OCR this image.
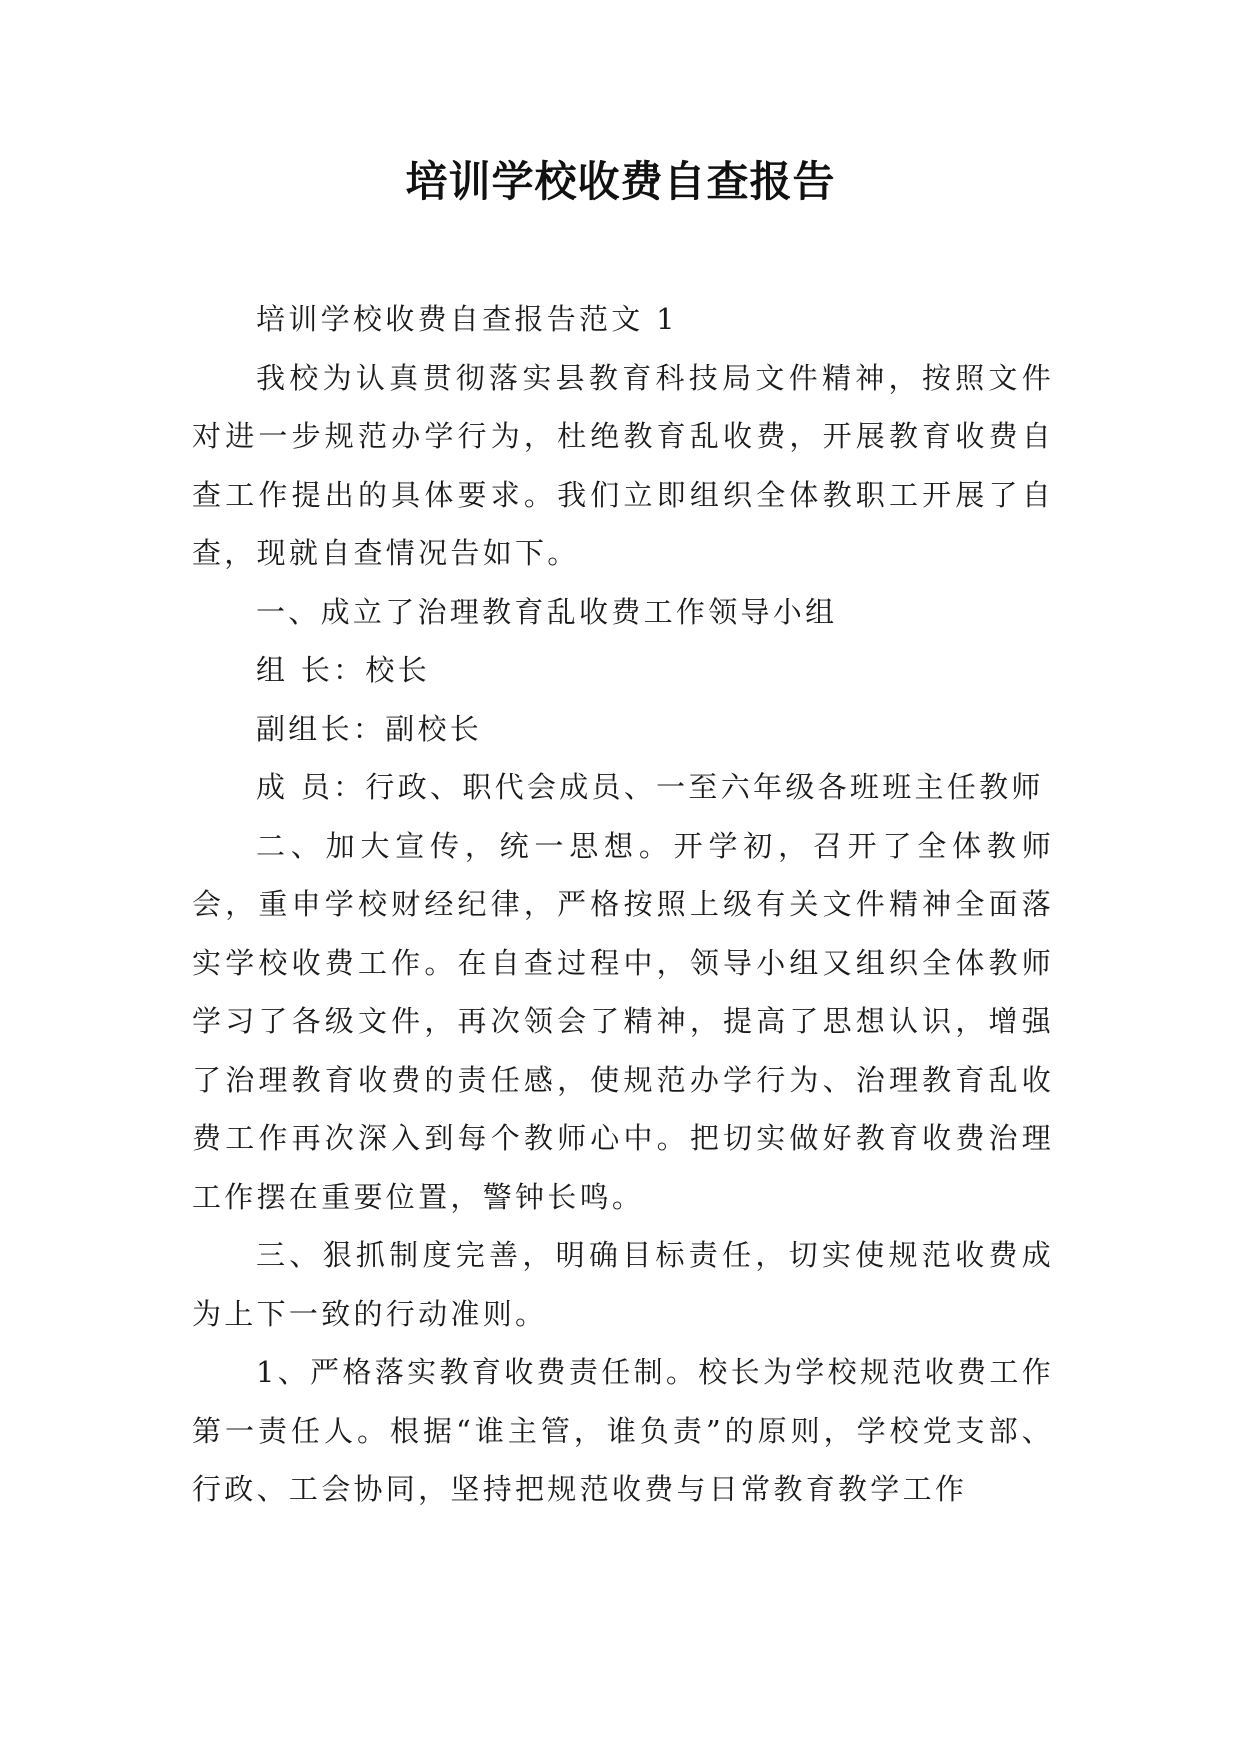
培训学校收费自查报告

培训学校收费自查报告范文 1

我校为认真贯彻落实县教育科技局文件精神，按照文件对进一步规范办学行为，杜绝教育乱收费，开展教育收费自查工作提出的具体要求。我们立即组织全体教职工开展了自查，现就自查情况告如下。

一、成立了治理教育乱收费工作领导小组

组 长：校长

副组长：副校长

成 员：行政、职代会成员、一至六年级各班班主任教师

二、加大宣传，统一思想。开学初，召开了全体教师会，重申学校财经纪律，严格按照上级有关文件精神全面落实学校收费工作。在自查过程中，领导小组又组织全体教师学习了各级文件，再次领会了精神，提高了思想认识，增强了治理教育收费的责任感，使规范办学行为、治理教育乱收费工作再次深入到每个教师心中。把切实做好教育收费治理工作摆在重要位置，警钟长鸣。

三、狠抓制度完善，明确目标责任，切实使规范收费成为上下一致的行动准则。

1、严格落实教育收费责任制。校长为学校规范收费工作第一责任人。根据“谁主管，谁负责”的原则，学校党支部、行政、工会协同，坚持把规范收费与日常教育教学工作
